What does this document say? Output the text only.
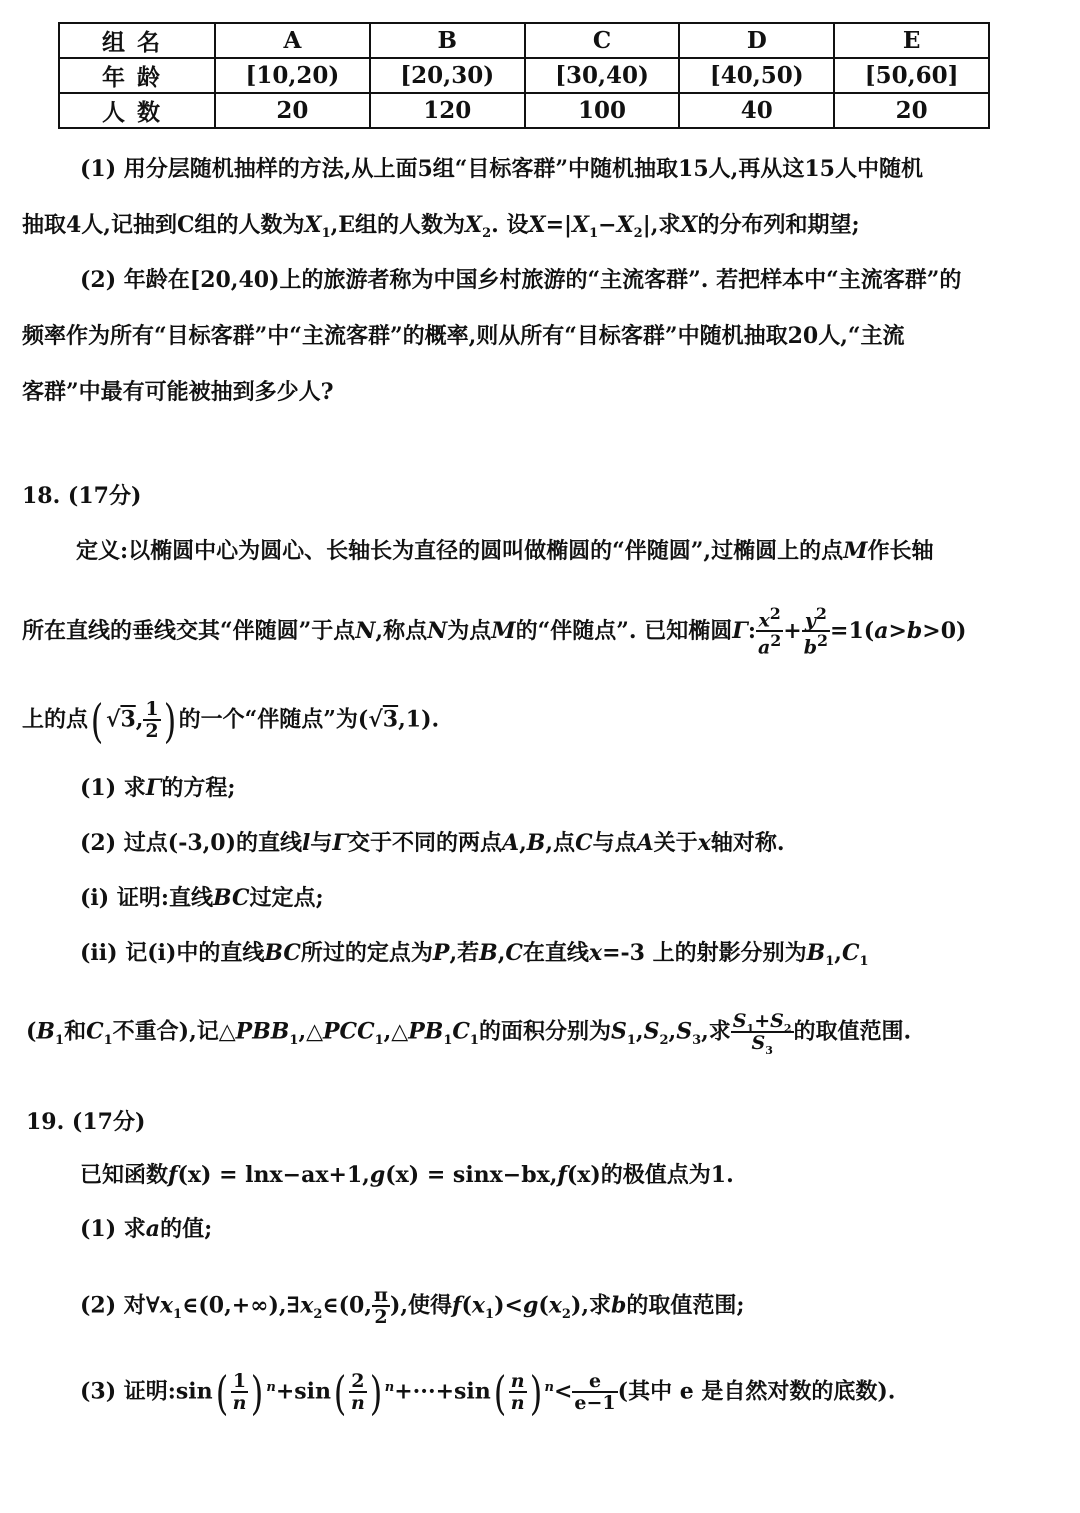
组名	A	B	C	D	E
年龄	[10,20)	[20,30)	[30,40)	[40,50)	[50,60]
人数	20	120	100	40	20
(1) 用分层随机抽样的方法,从上面5组“目标客群”中随机抽取15人,再从这15人中随机
抽取4人,记抽到C组的人数为$X_1,E$组的人数为$X_2$. 设$X=|X_1-X_2|$,求X的分布列和期望;
(2) 年龄在[20,40)上的旅游者称为中国乡村旅游的“主流客群”. 若把样本中“主流客群”的
频率作为所有“目标客群”中“主流客群”的概率,则从所有“目标客群”中随机抽取20人,“主流
客群”中最有可能被抽到多少人?
18. (17分)
定义:以椭圆中心为圆心、长轴长为直径的圆叫做椭圆的“伴随圆”,过椭圆上的点M作长轴
所在直线的垂线交其“伴随圆”于点N,称点N为点M的“伴随点”. 已知椭圆Γ: $\frac{x^2}{a^2} + \frac{y^2}{b^2} =1(a>b>0)$
上的点( √3, $\frac{1}{2}$ ) 的一个“伴随点”为(√3,1).
(1) 求Γ的方程;
(2) 过点(-3,0)的直线l与Γ交于不同的两点A,B,点C与点A关于x轴对称.
(i) 证明:直线BC过定点;
(ii) 记(i)中的直线BC所过的定点为P,若B,C在直线x=-3 上的射影分别为$B_1,C_1$
($B_1$和$C_1$不重合),记$\triangle PBB_1,\triangle PCC_1,\triangle PB_1C_1$的面积分别为$S_1,S_2,S_3$,求 $\frac{S_1+S_2}{S_3}$ 的取值范围.
19. (17分)
已知函数f(x) = lnx−ax+1,g(x) = sinx−bx,f(x)的极值点为1.
(1) 求a的值;
(2) 对$\forall x_1\in(0,+\infty),\exists x_2\in(0$, $\frac{\pi}{2}$ ),使得$f(x_1)<g(x_2)$,求b的取值范围;
(3) 证明:sin( $\frac{1}{n}$ ) $^n+\sin( \frac{2}{n}$ ) $^n+\cdot\cdot\cdot+\sin( \frac{n}{n}$ ) $^n< \frac{e}{e-1}$ (其中 e 是自然对数的底数).
